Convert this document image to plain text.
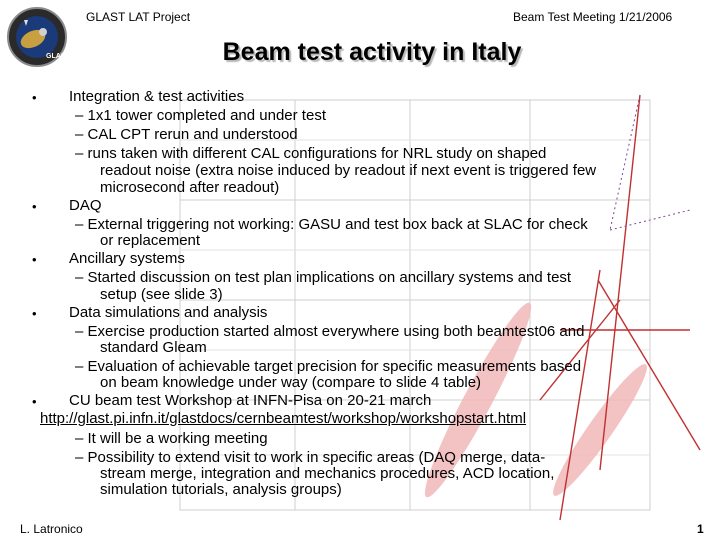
GLAST
GLAST LAT Project	Beam Test Meeting 1/21/2006
Beam test activity in Italy
• Integration & test activities
– 1x1 tower completed and under test
– CAL CPT rerun and understood
– runs taken with different CAL configurations for NRL study on shaped
readout noise (extra noise induced by readout if next event is triggered few
microsecond after readout)
• DAQ
– External triggering not working: GASU and test box back at SLAC for check
or replacement
• Ancillary systems
– Started discussion on test plan implications on ancillary systems and test
setup (see slide 3)
• Data simulations and analysis
– Exercise production started almost everywhere using both beamtest06 and
standard Gleam
– Evaluation of achievable target precision for specific measurements based
on beam knowledge under way (compare to slide 4 table)
• CU beam test Workshop at INFN-Pisa on 20-21 march
http://glast.pi.infn.it/glastdocs/cernbeamtest/workshop/workshopstart.html
– It will be a working meeting
– Possibility to extend visit to work in specific areas (DAQ merge, data-
stream merge, integration and mechanics procedures, ACD location,
simulation tutorials, analysis groups)
L. Latronico	1
